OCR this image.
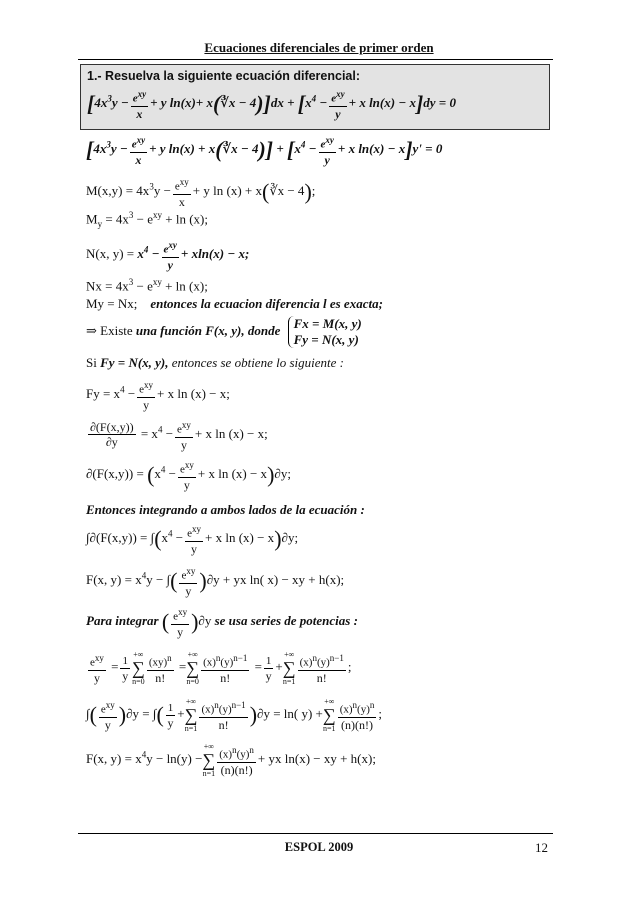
Ecuaciones diferenciales de primer orden
1.- Resuelva la siguiente ecuación diferencial:
[$4x^3y - \frac{e^{xy}}{x} + y$ ln(x)+ x(∛x − $4)]dx + [x^4 - \frac{e^{xy}}{y} + x$ ln(x) − x]dy = 0
[$4x^3y - \frac{e^{xy}}{x} + y$ ln(x) + x(∛x − $4)] + [x^4 - \frac{e^{xy}}{y} + x$ ln(x) − x]y' = 0
$M(x,y) = 4x^3y - \frac{e^{xy}}{x} + y$ ln (x) + x(∛x − 4);
$M_y = 4x^3 - e^{xy} + \ln (x)$;
N(x, $y) = x^4 - \frac{e^{xy}}{y} + xln(x) - x$;
$Nx = 4x^3 - e^{xy} + \ln (x)$;
My = Nx; entonces la ecuacion diferencia l es exacta;
⇒ Existe una función F(x, y), donde Fx = M(x, y)
Fy = N(x, y)
Si Fy = N(x, y), entonces se obtiene lo siguiente :
$Fy = x^4 - \frac{e^{xy}}{y} + x$ ln (x) − x;
$\frac{\partial(F(x,y))}{\partial y} = x^4 - \frac{e^{xy}}{y} + x$ ln (x) − x;
$\partial(F(x,y)) = (x^4 - \frac{e^{xy}}{y} + x$ ln (x) − x)∂y;
Entonces integrando a ambos lados de la ecuación :
$\int\partial(F(x,y)) = \int(x^4 - \frac{e^{xy}}{y} + x$ ln (x) − x)∂y;
F(x, $y) = x^4y$ − ∫( $\frac{e^{xy}}{y} )\partial y$ + yx ln( x) − xy + h(x);
Para integrar ( $\frac{e^{xy}}{y} )\partial y$ se usa series de potencias :
$\frac{e^{xy}}{y} = \frac{1}{y}$ +∞
∑
$n=0 \frac{(xy)^n}{n!}$ =+∞
∑
$n=0 \frac{(x)^n(y)^{n-1}}{n!} = \frac{1}{y}$ ++∞
∑
$n=1 \frac{(x)^n(y)^{n-1}}{n!}$ ;
∫( $\frac{e^{xy}}{y} )\partial y$ = ∫( $\frac{1}{y}$ ++∞
∑
$n=1 \frac{(x)^n(y)^{n-1}}{n!} )\partial y = \ln$( y) ++∞
∑
$n=1 \frac{(x)^n(y)^n}{(n)(n!)}$ ;
F(x, $y) = x^4y - \ln(y)$ −+∞
∑
$n=1 \frac{(x)^n(y)^n}{(n)(n!)}$ + yx ln(x) − xy + h(x);
ESPOL 2009	12
